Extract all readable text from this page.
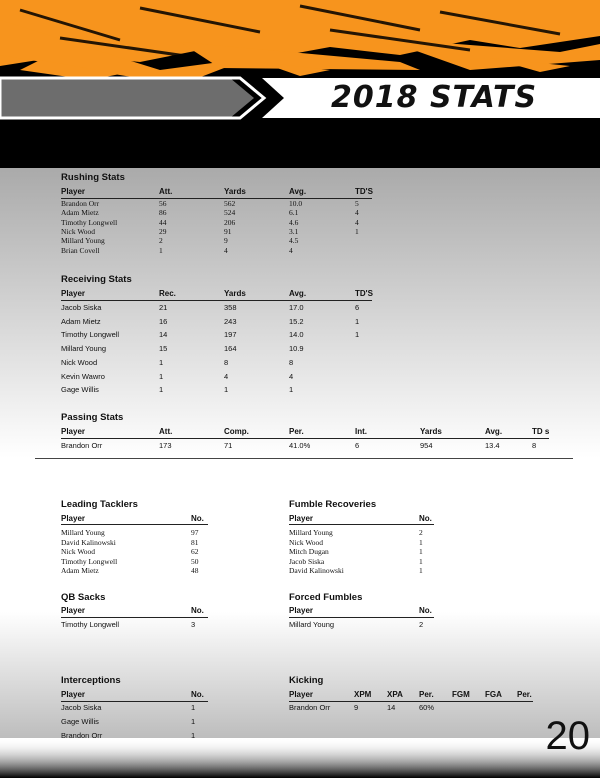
2018 STATS
Rushing Stats
Player	Att.	Yards	Avg.	TD'S
Brandon Orr	56	562	10.0	5
Adam Mietz	86	524	6.1	4
Timothy Longwell	44	206	4.6	4
Nick Wood	29	91	3.1	1
Millard Young	2	9	4.5
Brian Covell	1	4	4
Receiving Stats
Player	Rec.	Yards	Avg.	TD'S
Jacob Siska	21	358	17.0	6
Adam Mietz	16	243	15.2	1
Timothy Longwell	14	197	14.0	1
Millard Young	15	164	10.9
Nick Wood	1	8	8
Kevin Wawro	1	4	4
Gage Willis	1	1	1
Passing Stats
Player	Att.	Comp.	Per.	Int.	Yards	Avg.	TD s
Brandon Orr	173	71	41.0%	6	954	13.4	8
Leading Tacklers
Player	No.
Millard Young	97
David Kalinowski	81
Nick Wood	62
Timothy Longwell	50
Adam Mietz	48
Fumble Recoveries
Player	No.
Millard Young	2
Nick Wood	1
Mitch Dugan	1
Jacob Siska	1
David Kalinowski	1
QB Sacks
Player	No.
Timothy Longwell	3
Forced Fumbles
Player	No.
Millard Young	2
Interceptions
Player	No.
Jacob Siska	1
Gage Willis	1
Brandon Orr	1
Kicking
Player	XPM XPA Per. FGM FGA Per.
Brandon Orr	9	14	60%
20
